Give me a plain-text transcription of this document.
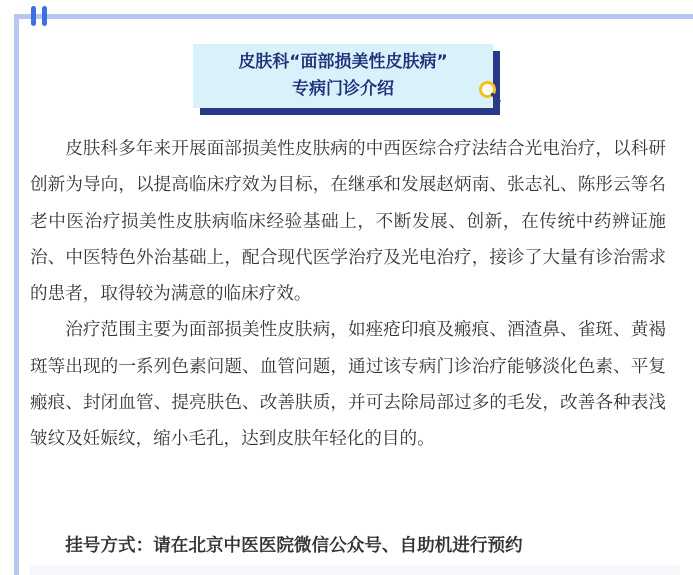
皮肤科“面部损美性皮肤病”
专病门诊介绍

皮肤科多年来开展面部损美性皮肤病的中西医综合疗法结合光电治疗，以科研创新为导向，以提高临床疗效为目标，在继承和发展赵炳南、张志礼、陈彤云等名老中医治疗损美性皮肤病临床经验基础上，不断发展、创新，在传统中药辨证施治、中医特色外治基础上，配合现代医学治疗及光电治疗，接诊了大量有诊治需求的患者，取得较为满意的临床疗效。

治疗范围主要为面部损美性皮肤病，如痤疮印痕及瘢痕、酒渣鼻、雀斑、黄褐斑等出现的一系列色素问题、血管问题，通过该专病门诊治疗能够淡化色素、平复瘢痕、封闭血管、提亮肤色、改善肤质，并可去除局部过多的毛发，改善各种表浅皱纹及妊娠纹，缩小毛孔，达到皮肤年轻化的目的。

挂号方式：请在北京中医医院微信公众号、自助机进行预约
